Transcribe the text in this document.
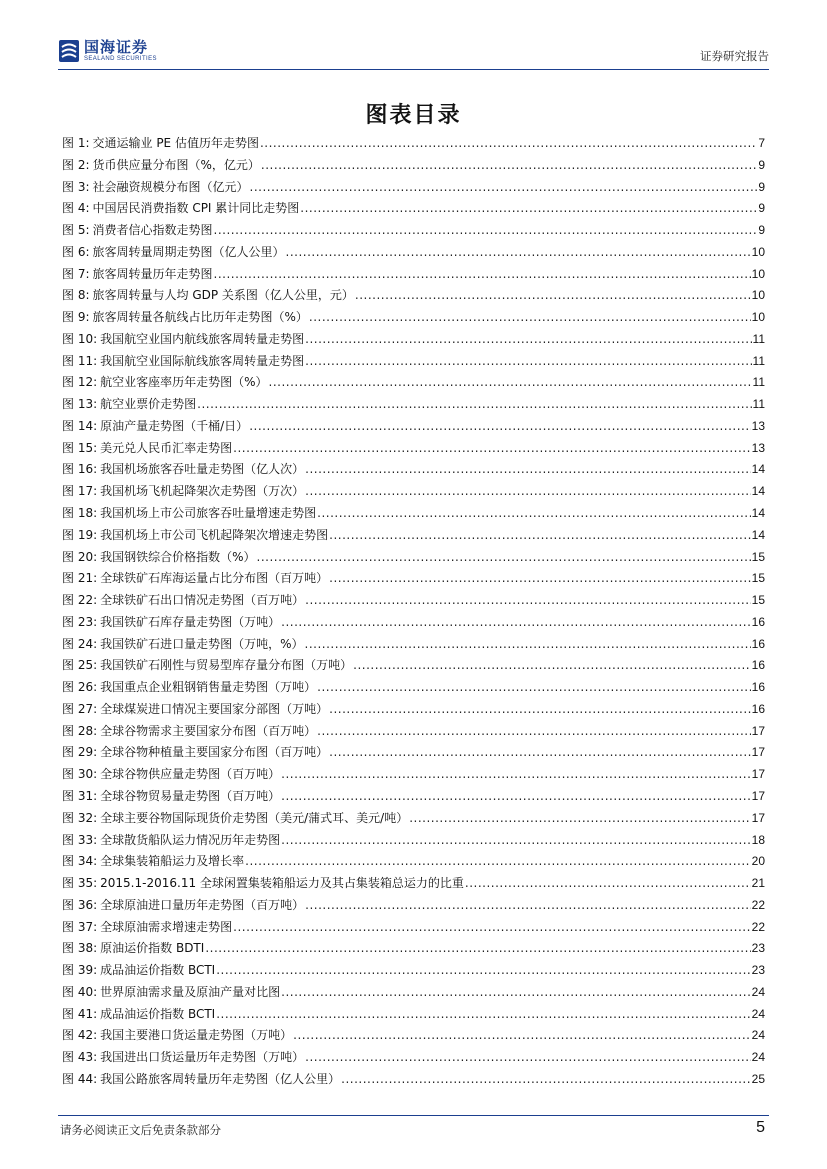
国海证券
SEALAND SECURITIES	证券研究报告
图表目录
图 1: 交通运输业 PE 估值历年走势图 .....	7
图 2: 货币供应量分布图（%，亿元） .....	9
图 3: 社会融资规模分布图（亿元） .....	9
图 4: 中国居民消费指数 CPI 累计同比走势图 .....	9
图 5: 消费者信心指数走势图 .....	9
图 6: 旅客周转量周期走势图（亿人公里） .....	10
图 7: 旅客周转量历年走势图 .....	10
图 8: 旅客周转量与人均 GDP 关系图（亿人公里，元） .....	10
图 9: 旅客周转量各航线占比历年走势图（%） .....	10
图 10: 我国航空业国内航线旅客周转量走势图 .....	11
图 11: 我国航空业国际航线旅客周转量走势图 .....	11
图 12: 航空业客座率历年走势图（%） .....	11
图 13: 航空业票价走势图 .....	11
图 14: 原油产量走势图（千桶/日） .....	13
图 15: 美元兑人民币汇率走势图 .....	13
图 16: 我国机场旅客吞吐量走势图（亿人次） .....	14
图 17: 我国机场飞机起降架次走势图（万次） .....	14
图 18: 我国机场上市公司旅客吞吐量增速走势图 .....	14
图 19: 我国机场上市公司飞机起降架次增速走势图 .....	14
图 20: 我国钢铁综合价格指数（%） .....	15
图 21: 全球铁矿石库海运量占比分布图（百万吨） .....	15
图 22: 全球铁矿石出口情况走势图（百万吨） .....	15
图 23: 我国铁矿石库存量走势图（万吨） .....	16
图 24: 我国铁矿石进口量走势图（万吨，%） .....	16
图 25: 我国铁矿石刚性与贸易型库存量分布图（万吨） .....	16
图 26: 我国重点企业粗钢销售量走势图（万吨） .....	16
图 27: 全球煤炭进口情况主要国家分部图（万吨） .....	16
图 28: 全球谷物需求主要国家分布图（百万吨） .....	17
图 29: 全球谷物种植量主要国家分布图（百万吨） .....	17
图 30: 全球谷物供应量走势图（百万吨） .....	17
图 31: 全球谷物贸易量走势图（百万吨） .....	17
图 32: 全球主要谷物国际现货价走势图（美元/蒲式耳、美元/吨） .....	17
图 33: 全球散货船队运力情况历年走势图 .....	18
图 34: 全球集装箱船运力及增长率 .....	20
图 35: 2015.1-2016.11 全球闲置集装箱船运力及其占集装箱总运力的比重 .....	21
图 36: 全球原油进口量历年走势图（百万吨） .....	22
图 37: 全球原油需求增速走势图 .....	22
图 38: 原油运价指数 BDTI .....	23
图 39: 成品油运价指数 BCTI .....	23
图 40: 世界原油需求量及原油产量对比图 .....	24
图 41: 成品油运价指数 BCTI .....	24
图 42: 我国主要港口货运量走势图（万吨） .....	24
图 43: 我国进出口货运量历年走势图（万吨） .....	24
图 44: 我国公路旅客周转量历年走势图（亿人公里） .....	25
请务必阅读正文后免责条款部分	5
